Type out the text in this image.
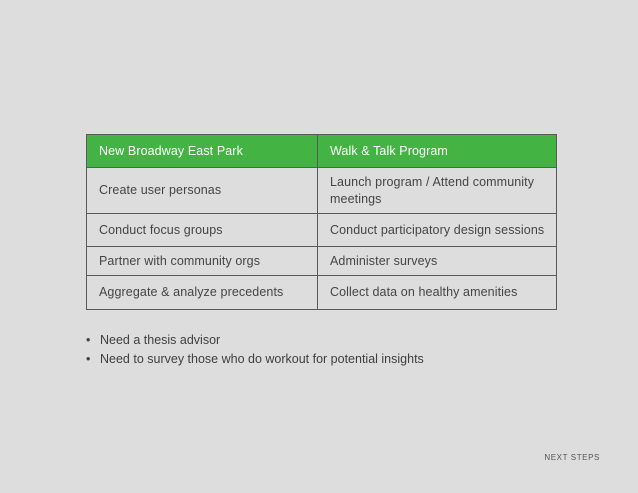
New Broadway East Park	Walk & Talk Program
Create user personas	Launch program / Attend community meetings
Conduct focus groups	Conduct participatory design sessions
Partner with community orgs	Administer surveys
Aggregate & analyze precedents	Collect data on healthy amenities
• Need a thesis advisor
• Need to survey those who do workout for potential insights
NEXT STEPS
